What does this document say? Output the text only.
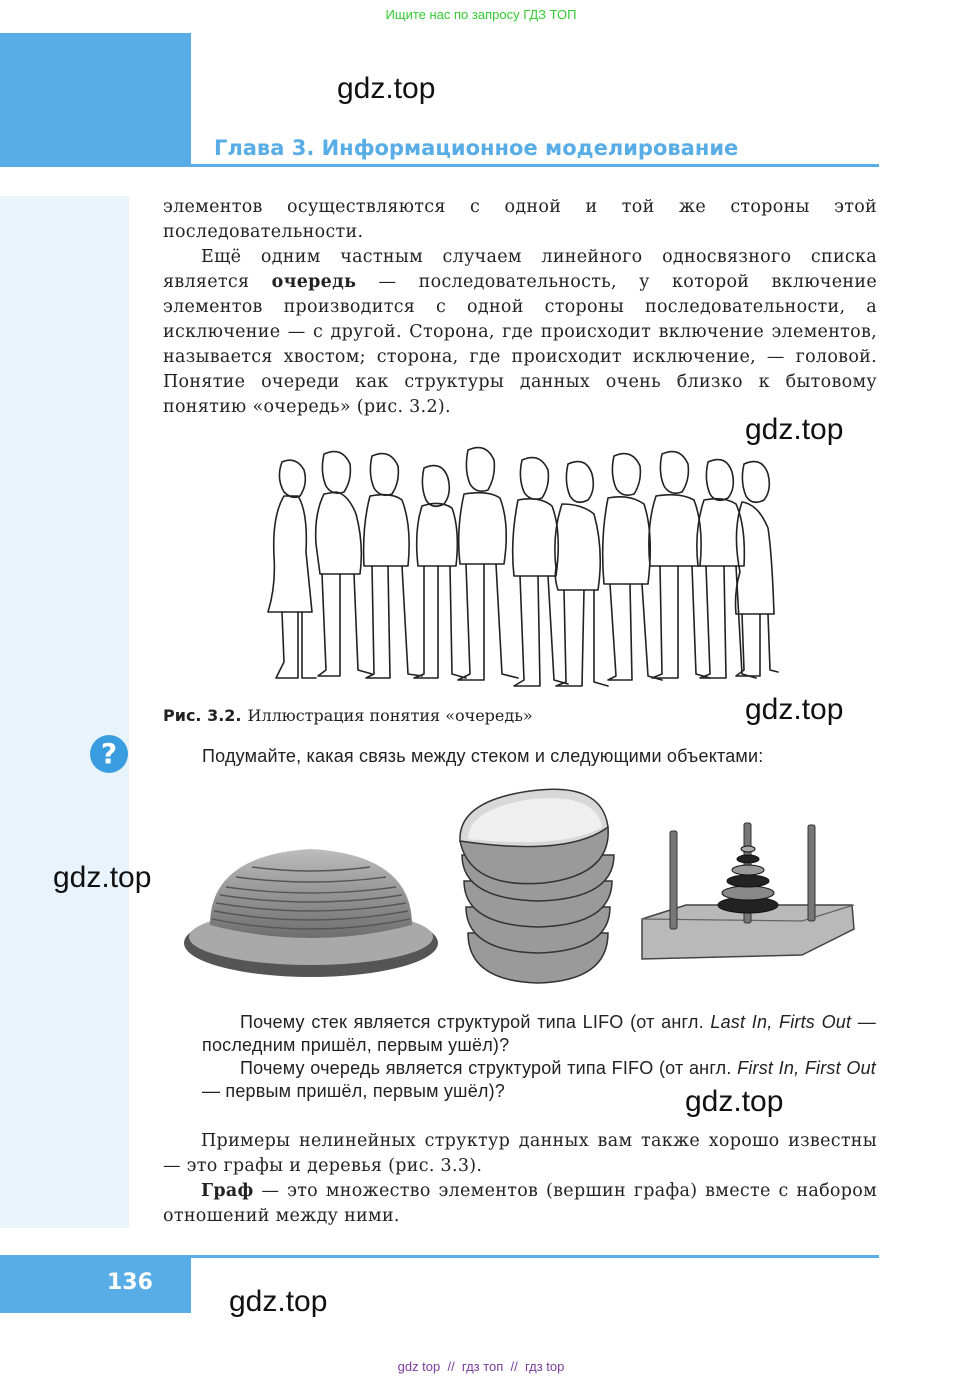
Ищите нас по запросу ГДЗ ТОП
Глава 3. Информационное моделирование
gdz.top

элементов осуществляются с одной и той же стороны этой последовательности.

Ещё одним частным случаем линейного односвязного списка является очередь — последовательность, у которой включение элементов производится с одной стороны последовательности, а исключение — с другой. Сторона, где происходит включение элементов, называется хвостом; сторона, где происходит исключение, — головой. Понятие очереди как структуры данных очень близко к бытовому понятию «очередь» (рис. 3.2).

gdz.top
Рис. 3.2. Иллюстрация понятия «очередь»	gdz.top
?	Подумайте, какая связь между стеком и следующими объектами:
gdz.top

Почему стек является структурой типа LIFO (от англ. Last In, Firts Out — последним пришёл, первым ушёл)?

Почему очередь является структурой типа FIFO (от англ. First In, First Out — первым пришёл, первым ушёл)?	gdz.top

Примеры нелинейных структур данных вам также хорошо известны — это графы и деревья (рис. 3.3).

Граф — это множество элементов (вершин графа) вместе с набором отношений между ними.

136
gdz.top
gdz top  //  гдз топ  //  гдз top
